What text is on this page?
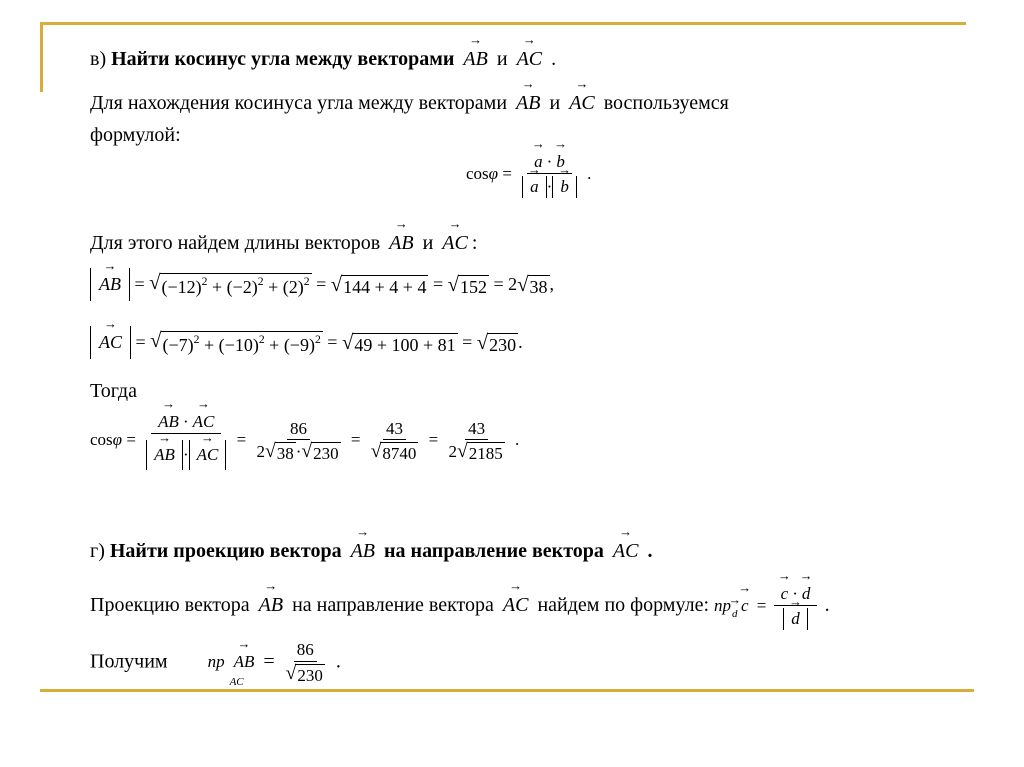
в) Найти косинус угла между векторами → AB и → AC .
Для нахождения косинуса угла между векторами → AB и → AC воспользуемся
формулой:
cosφ = → a · → b
→ a · → b .
Для этого найдем длины векторов → AB и → AC :
→ AB = √ $(-12)^2 + (-2)^2 + (2)^2$ = √ 144 + 4 + 4 = √ 152 = 2 √ 38 ,
→ AC = √ $(-7)^2 + (-10)^2 + (-9)^2$ = √ 49 + 100 + 81 = √ 230 .
Тогда
cosφ = → AB · → AC
→ AB · → AC = $\frac{86}{2 √ 38 \cdot √ 230} = \frac{43}{√ 8740} = \frac{43}{2 √ 2185}$ .
г) Найти проекцию вектора → AB на направление вектора → AC .
Проекцию вектора → AB на направление вектора → AC найдем по формуле: np → d → c = → c · → d
→ d .
Получим np
AC
→ AB = $\frac{86}{√ 230}$ .
